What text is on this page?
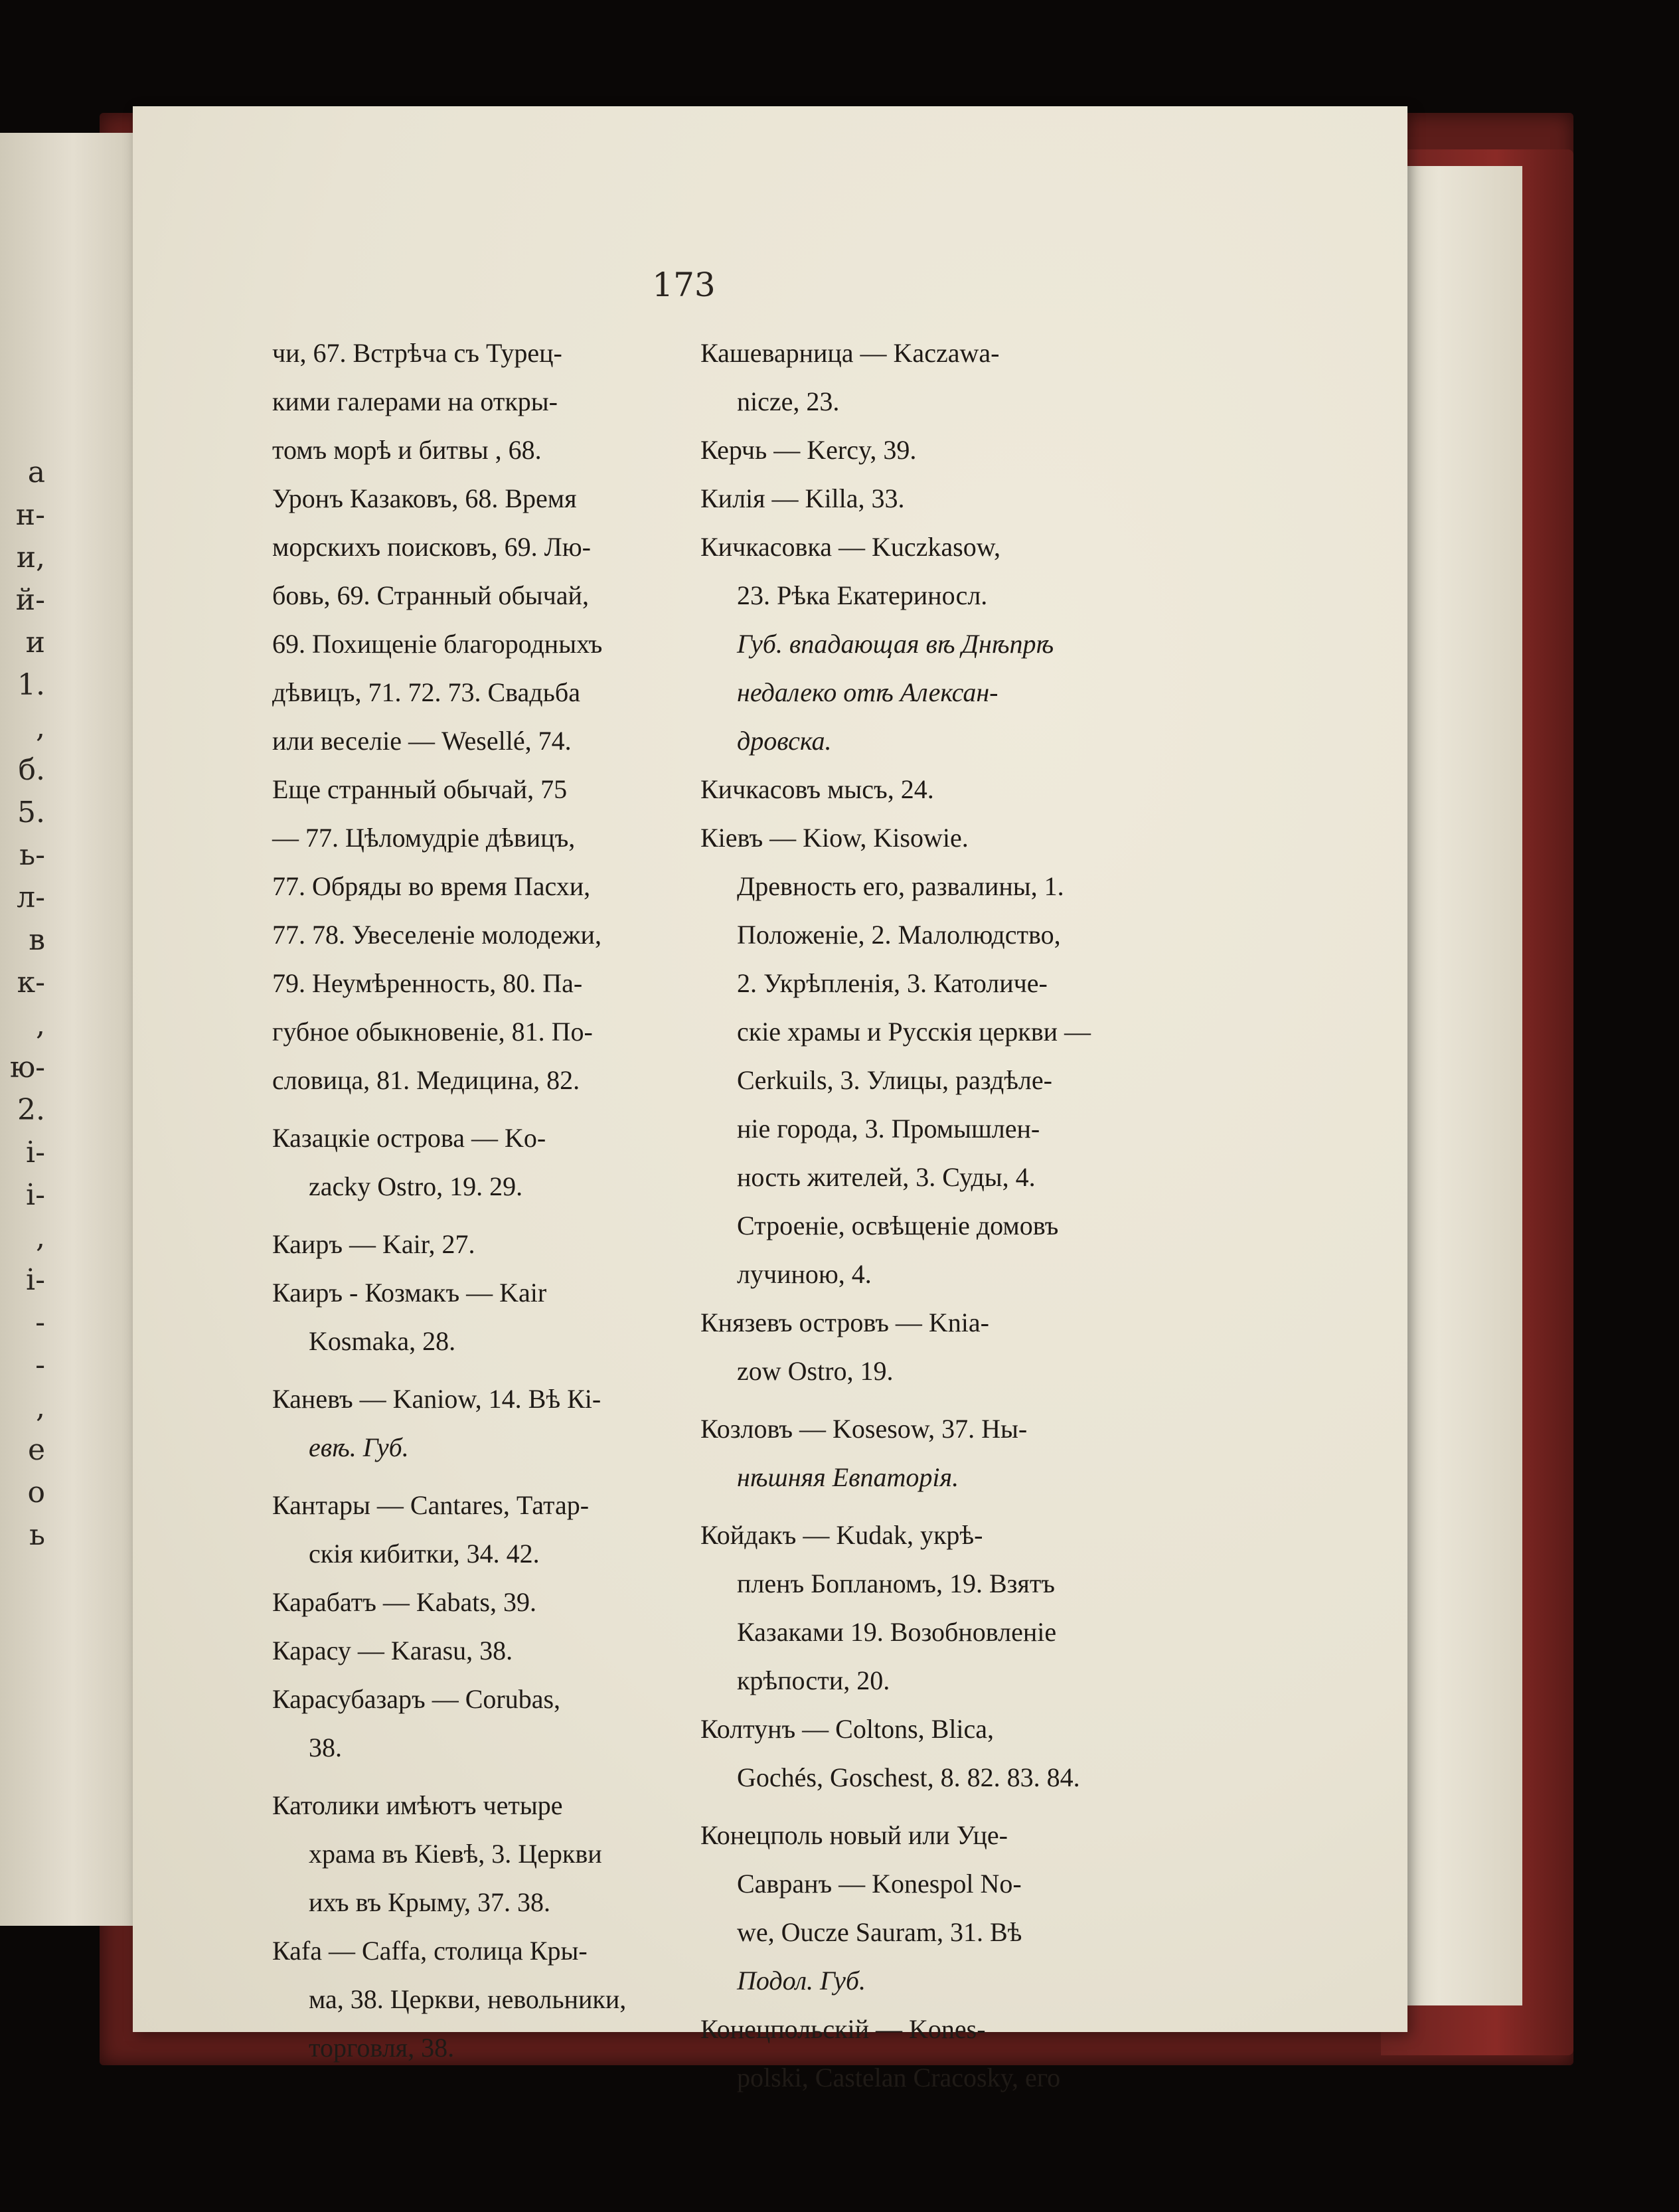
а
н-
и,
й-
и
1.
,
б.
5.
ь-
л-
в
к-
,
ю-
2.
і-
і-
,
і-
-
-
,
е
о
ь
173
чи, 67. Встрѣча съ Турец-
кими галерами на откры-
томъ морѣ и битвы , 68.
Уронъ Казаковъ, 68. Время
морскихъ поисковъ, 69. Лю-
бовь, 69. Странный обычай,
69. Похищеніе благородныхъ
дѣвицъ, 71. 72. 73. Свадьба
или веселіе — Wesellé, 74.
Еще странный обычай, 75
— 77. Цѣломудріе дѣвицъ,
77. Обряды во время Пасхи,
77. 78. Увеселеніе молодежи,
79. Неумѣренность, 80. Па-
губное обыкновеніе, 81. По-
словица, 81. Медицина, 82.
Казацкіе острова — Ko-
zacky Ostro, 19. 29.
Каиръ — Kair, 27.
Каиръ - Козмакъ — Kair
Kosmaka, 28.
Каневъ — Kaniow, 14. Вѣ Кі-
евѣ. Губ.
Кантары — Cantares, Татар-
скія кибитки, 34. 42.
Карабатъ — Kabats, 39.
Карасу — Karasu, 38.
Карасубазаръ — Corubas,
38.
Католики имѣютъ четыре
храма въ Кіевѣ, 3. Церкви
ихъ въ Крыму, 37. 38.
Каfа — Caffa, столица Кры-
ма, 38. Церкви, невольники,
торговля, 38.
Кашеварница — Kaczawa-
nicze, 23.
Керчь — Kercy, 39.
Килія — Killa, 33.
Кичкасовка — Kuczkasow,
23. Рѣка Екатериносл.
Губ. впадающая вѣ Днѣпрѣ
недалеко отѣ Алексан-
дровска.
Кичкасовъ мысъ, 24.
Кіевъ — Kiow, Kisowie.
Древность его, развалины, 1.
Положеніе, 2. Малолюдство,
2. Укрѣпленія, 3. Католиче-
скіе храмы и Русскія церкви —
Cerkuils, 3. Улицы, раздѣле-
ніе города, 3. Промышлен-
ность жителей, 3. Суды, 4.
Строеніе, освѣщеніе домовъ
лучиною, 4.
Князевъ островъ — Knia-
zow Ostro, 19.
Козловъ — Kosesow, 37. Ны-
нѣшняя Евпаторія.
Койдакъ — Kudak, укрѣ-
пленъ Бопланомъ, 19. Взятъ
Казаками 19. Возобновленіе
крѣпости, 20.
Колтунъ — Coltons, Blica,
Gochés, Goschest, 8. 82. 83. 84.
Конецполь новый или Уце-
Савранъ — Konespol No-
we, Oucze Sauram, 31. Вѣ
Подол. Губ.
Конецпольскій — Kones-
polski, Castelan Cracosky, его
